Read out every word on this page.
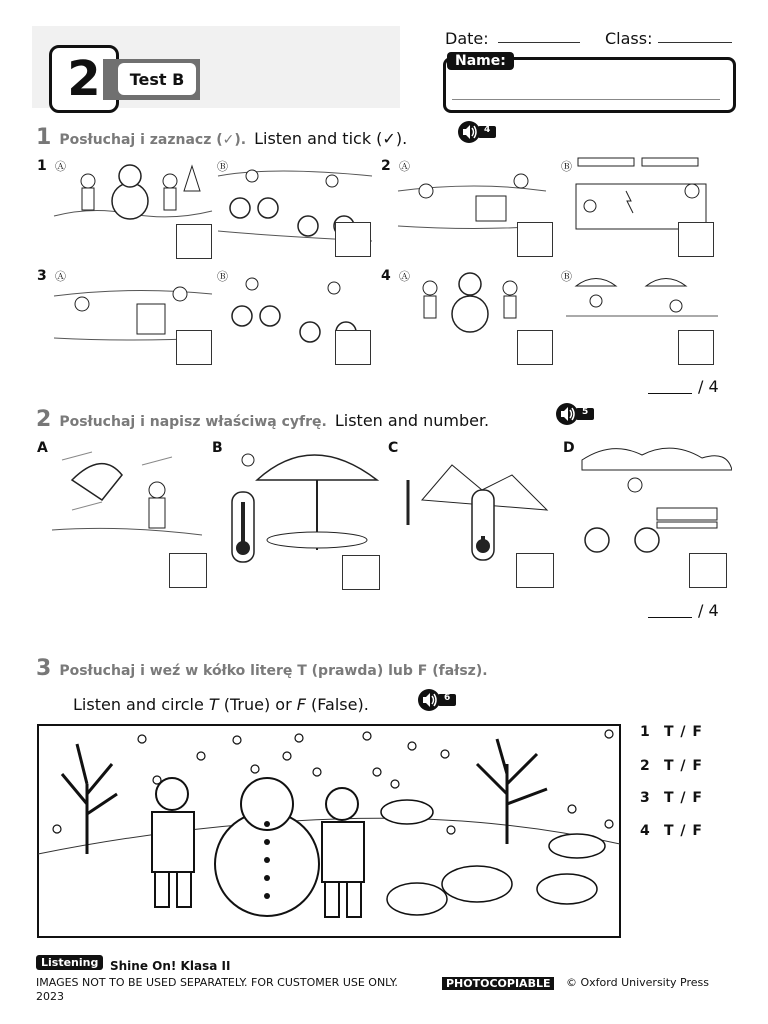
2	Test B
Date:	Class:
Name:
1 Posłuchaj i zaznacz (✓). Listen and tick (✓).	4
1	2
3	4
Ⓐ	Ⓑ	Ⓐ	Ⓑ
Ⓐ	Ⓑ	Ⓐ	Ⓑ
/ 4
2 Posłuchaj i napisz właściwą cyfrę. Listen and number.	5
A	B	C	D
/ 4
3 Posłuchaj i weź w kółko literę T (prawda) lub F (fałsz).
Listen and circle T (True) or F (False).	6
1 T / F
2 T / F
3 T / F
4 T / F
Listening Shine On! Klasa II
IMAGES NOT TO BE USED SEPARATELY. FOR CUSTOMER USE ONLY.
2023
PHOTOCOPIABLE	© Oxford University Press
